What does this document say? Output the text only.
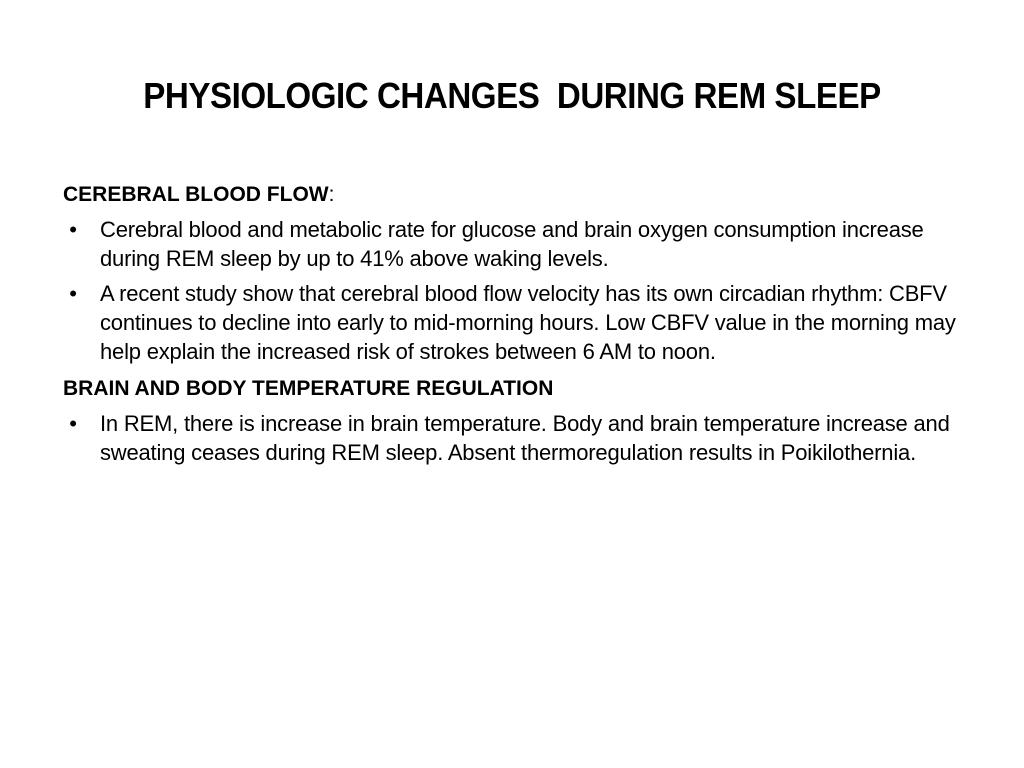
PHYSIOLOGIC CHANGES  DURING REM SLEEP
CEREBRAL BLOOD FLOW:
• Cerebral blood and metabolic rate for glucose and brain oxygen consumption increase during REM sleep by up to 41% above waking levels.
• A recent study show that cerebral blood flow velocity has its own circadian rhythm: CBFV continues to decline into early to mid-morning hours. Low CBFV value in the morning may help explain the increased risk of strokes between 6 AM to noon.
BRAIN AND BODY TEMPERATURE REGULATION
• In REM, there is increase in brain temperature. Body and brain temperature increase and sweating ceases during REM sleep. Absent thermoregulation results in Poikilothernia.
